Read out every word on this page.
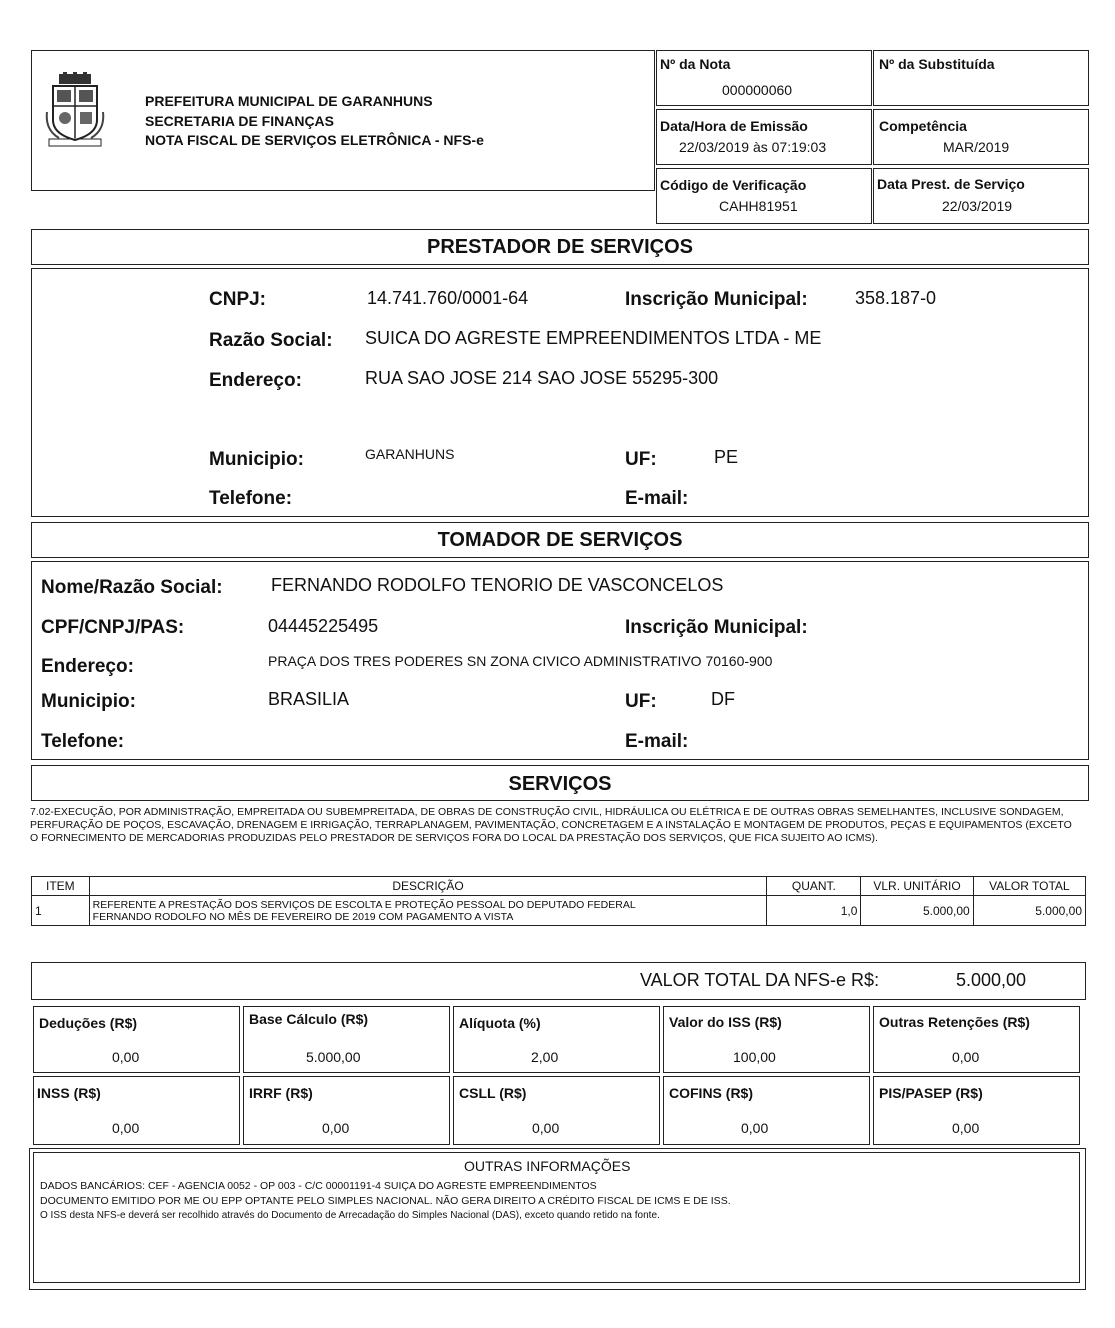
PREFEITURA MUNICIPAL DE GARANHUNS
SECRETARIA DE FINANÇAS
NOTA FISCAL DE SERVIÇOS ELETRÔNICA - NFS-e
Nº da Nota
000000060
Nº da Substituída
Data/Hora de Emissão
22/03/2019 às 07:19:03
Competência
MAR/2019
Código de Verificação
CAHH81951
Data Prest. de Serviço
22/03/2019
PRESTADOR DE SERVIÇOS
CNPJ:	14.741.760/0001-64	Inscrição Municipal:	358.187-0
Razão Social: SUICA DO AGRESTE EMPREENDIMENTOS LTDA - ME
Endereço:	RUA SAO JOSE 214 SAO JOSE 55295-300
Municipio:	GARANHUNS	UF:	PE
Telefone:	E-mail:
TOMADOR DE SERVIÇOS
Nome/Razão Social:	FERNANDO RODOLFO TENORIO DE VASCONCELOS
CPF/CNPJ/PAS:	04445225495	Inscrição Municipal:
Endereço:	PRAÇA DOS TRES PODERES SN ZONA CIVICO ADMINISTRATIVO 70160-900
Municipio:	BRASILIA	UF:	DF
Telefone:	E-mail:
SERVIÇOS
7.02-EXECUÇÃO, POR ADMINISTRAÇÃO, EMPREITADA OU SUBEMPREITADA, DE OBRAS DE CONSTRUÇÃO CIVIL, HIDRÁULICA OU ELÉTRICA E DE OUTRAS OBRAS SEMELHANTES, INCLUSIVE SONDAGEM, PERFURAÇÃO DE POÇOS, ESCAVAÇÃO, DRENAGEM E IRRIGAÇÃO, TERRAPLANAGEM, PAVIMENTAÇÃO, CONCRETAGEM E A INSTALAÇÃO E MONTAGEM DE PRODUTOS, PEÇAS E EQUIPAMENTOS (EXCETO O FORNECIMENTO DE MERCADORIAS PRODUZIDAS PELO PRESTADOR DE SERVIÇOS FORA DO LOCAL DA PRESTAÇÃO DOS SERVIÇOS, QUE FICA SUJEITO AO ICMS).
ITEM	DESCRIÇÃO	QUANT.	VLR. UNITÁRIO	VALOR TOTAL
1	REFERENTE A PRESTAÇÃO DOS SERVIÇOS DE ESCOLTA E PROTEÇÃO PESSOAL DO DEPUTADO FEDERAL
FERNANDO RODOLFO NO MÊS DE FEVEREIRO DE 2019 COM PAGAMENTO A VISTA	1,0	5.000,00	5.000,00
VALOR TOTAL DA NFS-e R$:	5.000,00
Deduções (R$)
0,00
Base Cálculo (R$)
5.000,00
Alíquota (%)
2,00
Valor do ISS (R$)
100,00
Outras Retenções (R$)
0,00
INSS (R$)
0,00
IRRF (R$)
0,00
CSLL (R$)
0,00
COFINS (R$)
0,00
PIS/PASEP (R$)
0,00
OUTRAS INFORMAÇÕES
DADOS BANCÁRIOS: CEF - AGENCIA 0052 - OP 003 - C/C 00001191-4 SUIÇA DO AGRESTE EMPREENDIMENTOS
DOCUMENTO EMITIDO POR ME OU EPP OPTANTE PELO SIMPLES NACIONAL. NÃO GERA DIREITO A CRÉDITO FISCAL DE ICMS E DE ISS.
O ISS desta NFS-e deverá ser recolhido através do Documento de Arrecadação do Simples Nacional (DAS), exceto quando retido na fonte.
